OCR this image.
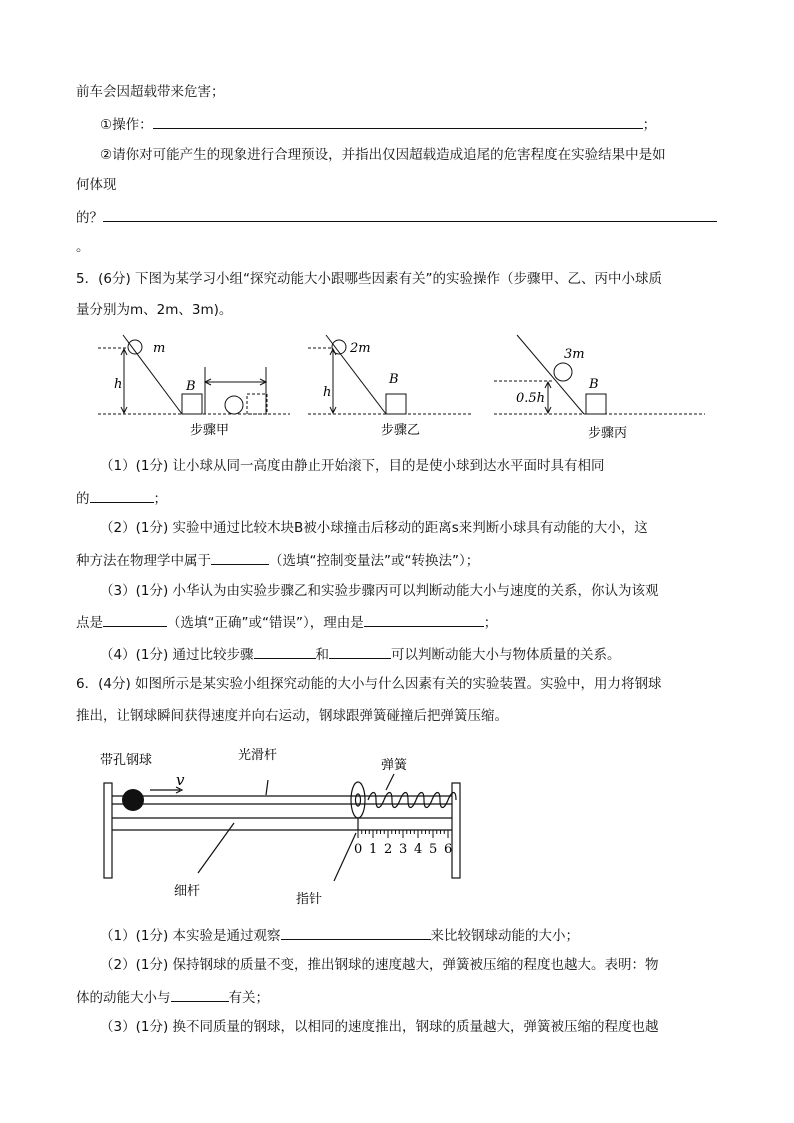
前车会因超载带来危害；
①操作：	；
②请你对可能产生的现象进行合理预设，并指出仅因超载造成追尾的危害程度在实验结果中是如
何体现
的？
。
5．(6分) 下图为某学习小组“探究动能大小跟哪些因素有关”的实验操作（步骤甲、乙、丙中小球质
量分别为m、2m、3m)。
m
h	B
步骤甲
2m
h
B
步骤乙
3m
0.5h
B
步骤丙
（1）(1分) 让小球从同一高度由静止开始滚下，目的是使小球到达水平面时具有相同
的	；
（2）(1分) 实验中通过比较木块B被小球撞击后移动的距离s来判断小球具有动能的大小，这
种方法在物理学中属于	（选填“控制变量法”或“转换法”）；
（3）(1分) 小华认为由实验步骤乙和实验步骤丙可以判断动能大小与速度的关系，你认为该观
点是	（选填“正确”或“错误”），理由是	；
（4）(1分) 通过比较步骤	和	可以判断动能大小与物体质量的关系。
6．(4分) 如图所示是某实验小组探究动能的大小与什么因素有关的实验装置。实验中，用力将钢球
推出，让钢球瞬间获得速度并向右运动，钢球跟弹簧碰撞后把弹簧压缩。
0 1 2 3 4 5 6
带孔钢球
v
光滑杆
弹簧
细杆
指针
（1）(1分) 本实验是通过观察	来比较钢球动能的大小；
（2）(1分) 保持钢球的质量不变，推出钢球的速度越大，弹簧被压缩的程度也越大。表明：物
体的动能大小与	有关；
（3）(1分) 换不同质量的钢球，以相同的速度推出，钢球的质量越大，弹簧被压缩的程度也越
